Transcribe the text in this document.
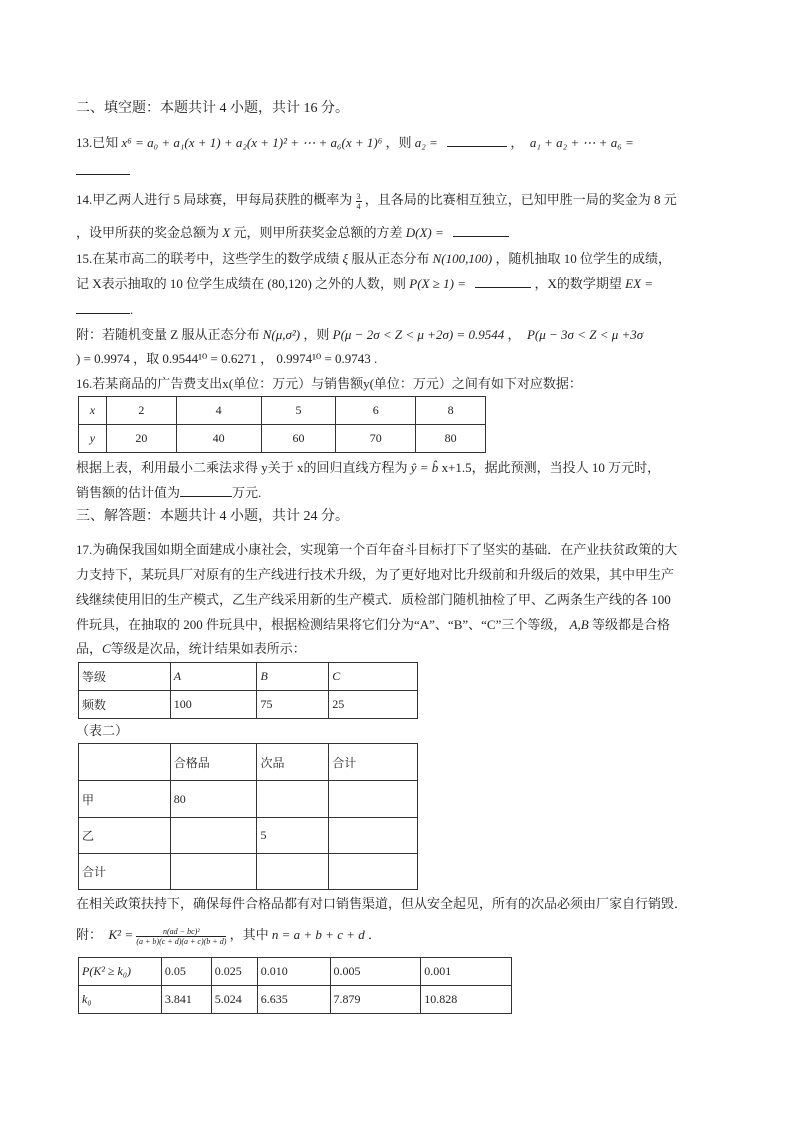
二、填空题：本题共计 4 小题，共计 16 分。
13.已知 x⁶ = a₀ + a₁(x + 1) + a₂(x + 1)² + ⋯ + a₆(x + 1)⁶ ，则 a₂ =	， a₁ + a₂ + ⋯ + a₆ =
14.甲乙两人进行 5 局球赛，甲每局获胜的概率为 $\frac{3}{4}$ ，且各局的比赛相互独立，已知甲胜一局的奖金为 8 元
，设甲所获的奖金总额为 X 元，则甲所获奖金总额的方差 D(X) =
15.在某市高二的联考中，这些学生的数学成绩 ξ 服从正态分布 N(100,100) ，随机抽取 10 位学生的成绩，
记 X表示抽取的 10 位学生成绩在 (80,120) 之外的人数，则 P(X ≥ 1) =	，X的数学期望 EX =
.
附：若随机变量 Z 服从正态分布 N(μ,σ²) ，则 P(μ − 2σ < Z < μ +2σ) = 0.9544 ， P(μ − 3σ < Z < μ +3σ
) = 0.9974 ，取 0.9544¹⁰ = 0.6271 ， 0.9974¹⁰ = 0.9743 .
16.若某商品的广告费支出x(单位：万元）与销售额y(单位：万元）之间有如下对应数据：
x	2	4	5	6	8
y	20	40	60	70	80
根据上表，利用最小二乘法求得 y关于 x的回归直线方程为 ŷ = b̂ x+1.5，据此预测，当投人 10 万元时，
销售额的估计值为	万元.
三、解答题：本题共计 4 小题，共计 24 分。
17.为确保我国如期全面建成小康社会，实现第一个百年奋斗目标打下了坚实的基础．在产业扶贫政策的大
力支持下，某玩具厂对原有的生产线进行技术升级，为了更好地对比升级前和升级后的效果，其中甲生产
线继续使用旧的生产模式，乙生产线采用新的生产模式．质检部门随机抽检了甲、乙两条生产线的各 100
件玩具，在抽取的 200 件玩具中，根据检测结果将它们分为“A”、“B”、“C”三个等级， A,B 等级都是合格
品，C等级是次品，统计结果如表所示：
等级	A	B	C
频数	100	75	25
（表二）
	合格品	次品	合计
甲	80		
乙		5	
合计			
在相关政策扶持下，确保每件合格品都有对口销售渠道，但从安全起见，所有的次品必须由厂家自行销毁．
附： $K^2 = \frac{\text{n(ad − bc)²}}{(a + b)(c + d)(a + c)(b + d)}$ ，其中 n = a + b + c + d ．
P(K² ≥ k₀)	0.05	0.025	0.010	0.005	0.001
k₀	3.841	5.024	6.635	7.879	10.828
